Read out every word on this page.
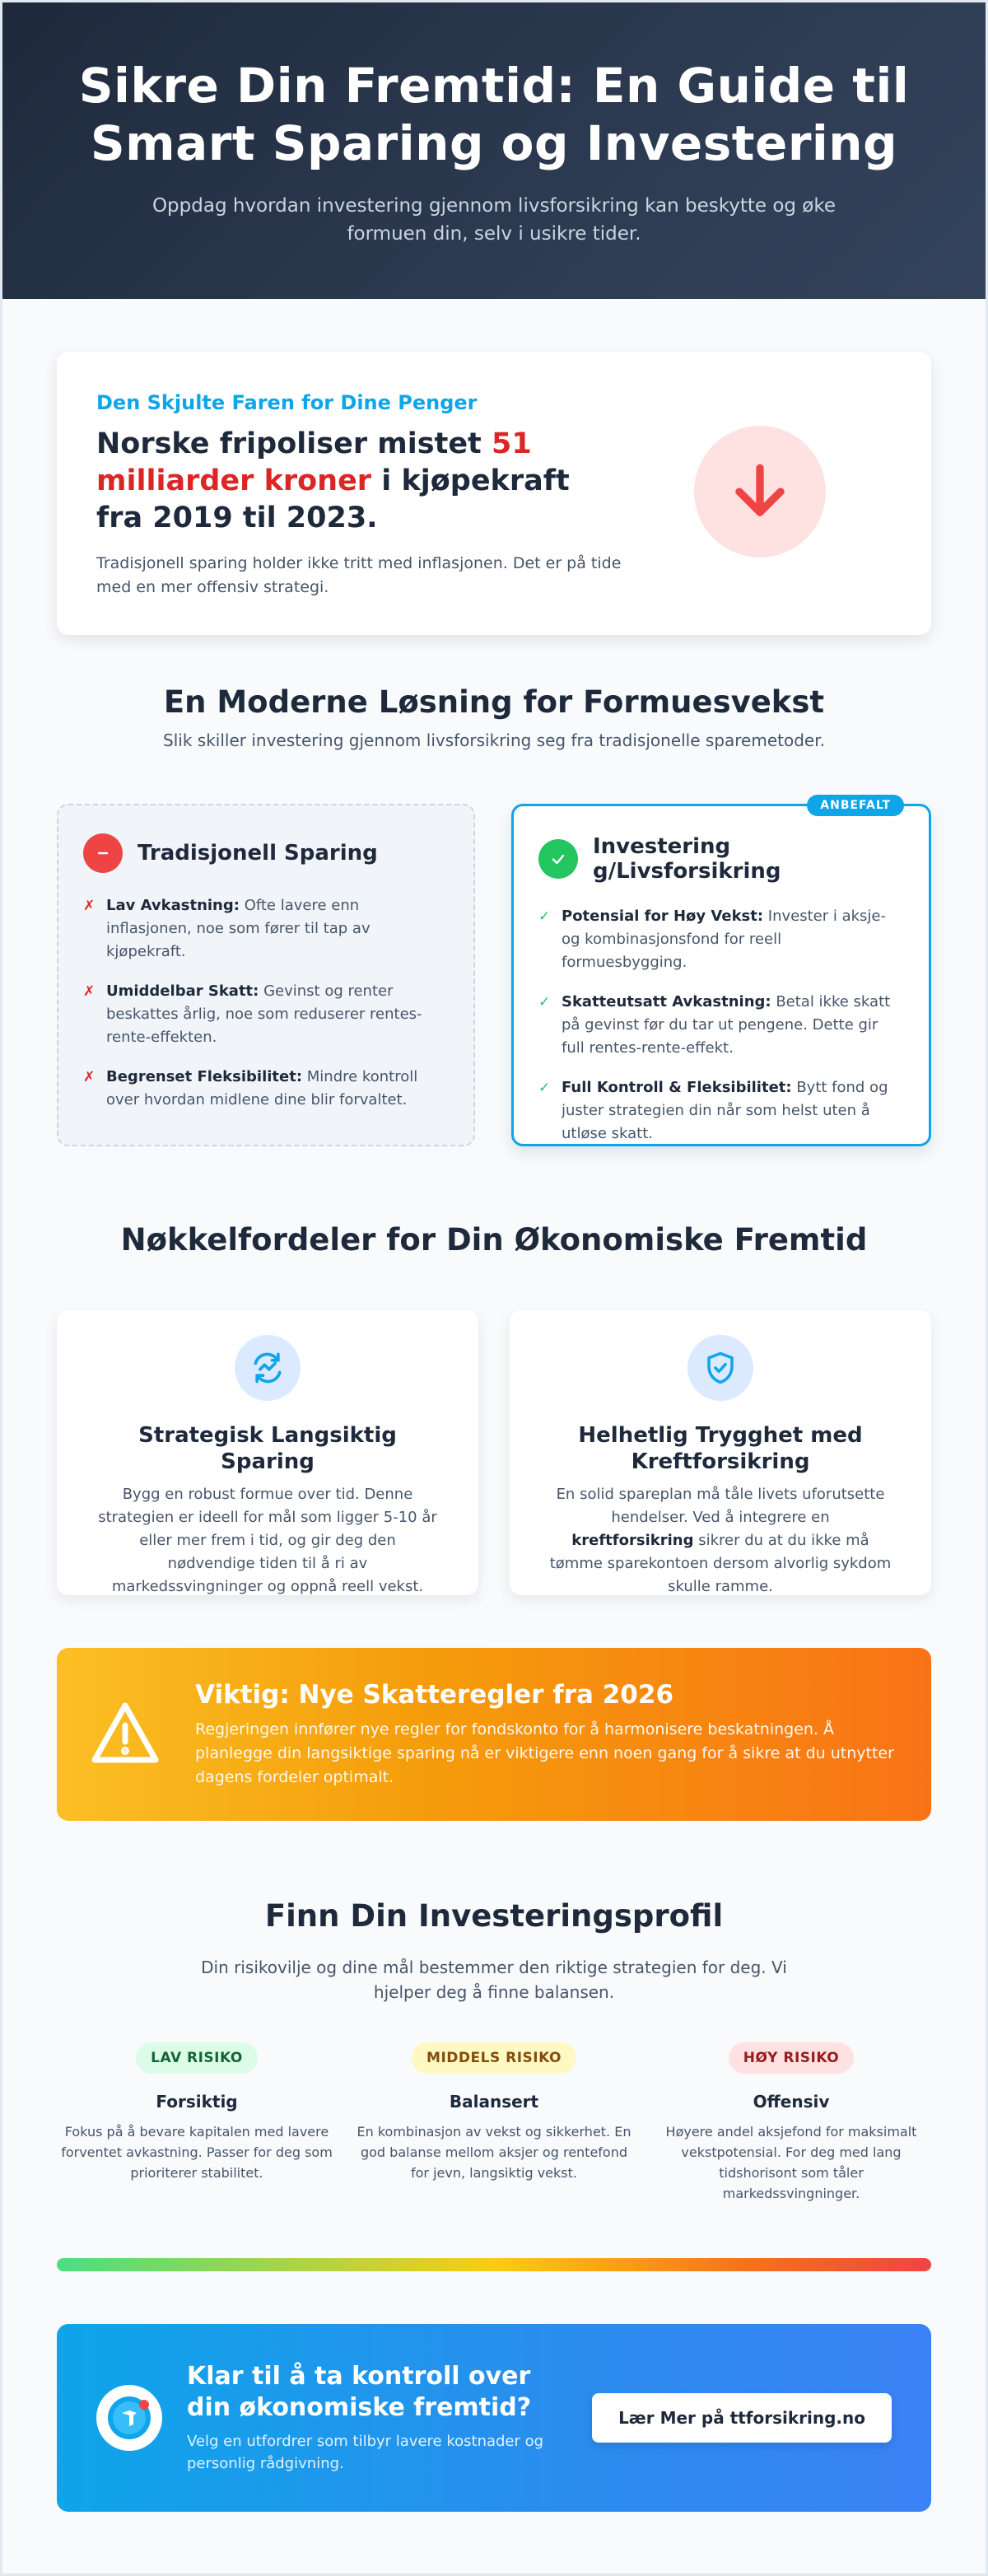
Sikre Din Fremtid: En Guide til Smart Sparing og Investering

Oppdag hvordan investering gjennom livsforsikring kan beskytte og øke formuen din, selv i usikre tider.

Den Skjulte Faren for Dine Penger
Norske fripoliser mistet 51 milliarder kroner i kjøpekraft fra 2019 til 2023.

Tradisjonell sparing holder ikke tritt med inflasjonen. Det er på tide med en mer offensiv strategi.

En Moderne Løsning for Formuesvekst

Slik skiller investering gjennom livsforsikring seg fra tradisjonelle sparemetoder.

Tradisjonell Sparing
✗ Lav Avkastning: Ofte lavere enn inflasjonen, noe som fører til tap av kjøpekraft.
✗ Umiddelbar Skatt: Gevinst og renter beskattes årlig, noe som reduserer rentes-rente-effekten.
✗ Begrenset Fleksibilitet: Mindre kontroll over hvordan midlene dine blir forvaltet.
ANBEFALT
Investering g/Livsforsikring
✓ Potensial for Høy Vekst: Invester i aksje- og kombinasjonsfond for reell formuesbygging.
✓ Skatteutsatt Avkastning: Betal ikke skatt på gevinst før du tar ut pengene. Dette gir full rentes-rente-effekt.
✓ Full Kontroll & Fleksibilitet: Bytt fond og juster strategien din når som helst uten å utløse skatt.
Nøkkelfordeler for Din Økonomiske Fremtid
Strategisk Langsiktig Sparing

Bygg en robust formue over tid. Denne strategien er ideell for mål som ligger 5-10 år eller mer frem i tid, og gir deg den nødvendige tiden til å ri av markedssvingninger og oppnå reell vekst.

Helhetlig Trygghet med Kreftforsikring

En solid spareplan må tåle livets uforutsette hendelser. Ved å integrere en kreftforsikring sikrer du at du ikke må tømme sparekontoen dersom alvorlig sykdom skulle ramme.

Viktig: Nye Skatteregler fra 2026

Regjeringen innfører nye regler for fondskonto for å harmonisere beskatningen. Å planlegge din langsiktige sparing nå er viktigere enn noen gang for å sikre at du utnytter dagens fordeler optimalt.

Finn Din Investeringsprofil

Din risikovilje og dine mål bestemmer den riktige strategien for deg. Vi hjelper deg å finne balansen.

LAV RISIKO
Forsiktig

Fokus på å bevare kapitalen med lavere forventet avkastning. Passer for deg som prioriterer stabilitet.

MIDDELS RISIKO
Balansert

En kombinasjon av vekst og sikkerhet. En god balanse mellom aksjer og rentefond for jevn, langsiktig vekst.

HØY RISIKO
Offensiv

Høyere andel aksjefond for maksimalt vekstpotensial. For deg med lang tidshorisont som tåler markedssvingninger.

Klar til å ta kontroll over din økonomiske fremtid?

Velg en utfordrer som tilbyr lavere kostnader og personlig rådgivning.

Lær Mer på ttforsikring.no
